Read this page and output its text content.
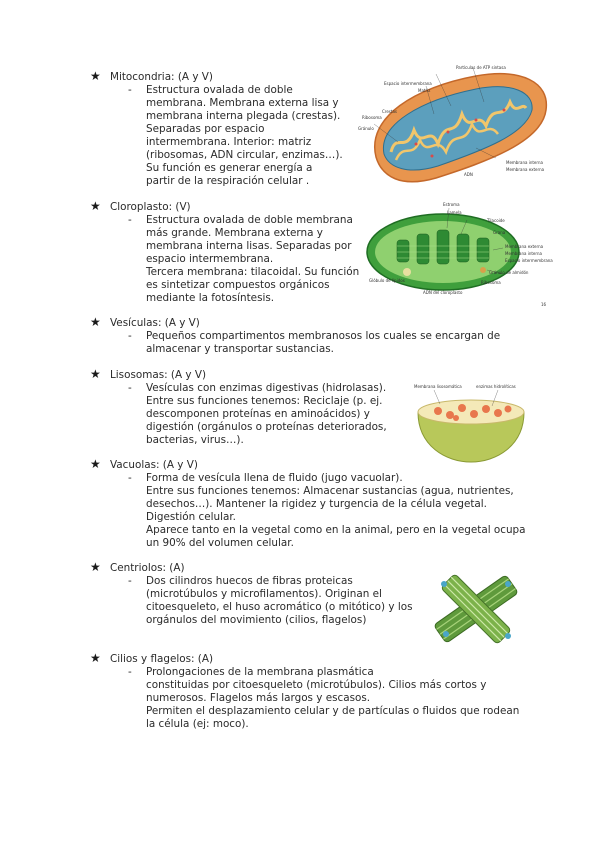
★ Mitocondria: (A y V)
- Estructura ovalada de doble
membrana. Membrana externa lisa y
membrana interna plegada (crestas).
Separadas por espacio
intermembrana. Interior: matriz
(ribosomas, ADN circular, enzimas…).
Su función es generar energía a
partir de la respiración celular .
★ Cloroplasto: (V)
- Estructura ovalada de doble membrana
más grande. Membrana externa y
membrana interna lisas. Separadas por
espacio intermembrana.
Tercera membrana: tilacoidal. Su función
es sintetizar compuestos orgánicos
mediante la fotosíntesis.
★ Vesículas: (A y V)
- Pequeños compartimentos membranosos los cuales se encargan de
almacenar y transportar sustancias.
★ Lisosomas: (A y V)
- Vesículas con enzimas digestivas (hidrolasas).
Entre sus funciones tenemos: Reciclaje (p. ej.
descomponen proteínas en aminoácidos) y
digestión (orgánulos o proteínas deteriorados,
bacterias, virus…).
★ Vacuolas: (A y V)
- Forma de vesícula llena de fluido (jugo vacuolar).
Entre sus funciones tenemos: Almacenar sustancias (agua, nutrientes,
desechos…). Mantener la rigidez y turgencia de la célula vegetal.
Digestión celular.
Aparece tanto en la vegetal como en la animal, pero en la vegetal ocupa
un 90% del volumen celular.
★ Centriolos: (A)
- Dos cilindros huecos de fibras proteicas
(microtúbulos y microfilamentos). Originan el
citoesqueleto, el huso acromático (o mitótico) y los
orgánulos del movimiento (cilios, flagelos)
★ Cilios y flagelos: (A)
- Prolongaciones de la membrana plasmática
constituidas por citoesqueleto (microtúbulos). Cilios más cortos y
numerosos. Flagelos más largos y escasos.
Permiten el desplazamiento celular y de partículas o fluidos que rodean
la célula (ej: moco).
Partículas de ATP sintasa
Espacio intermembrana
Matriz
Crestas
Ribosoma
Gránulo
ADN
Membrana interna
Membrana externa
Estroma
Lamela
Tilacoide
Grana
Membrana externa
Membrana interna
Espacio intermembrana
Gránulo de almidón
Ribosoma
Glóbulo de lípidos
ADN del cloroplasto
16
Membrana lisosomática	enzimas hidrolíticas
